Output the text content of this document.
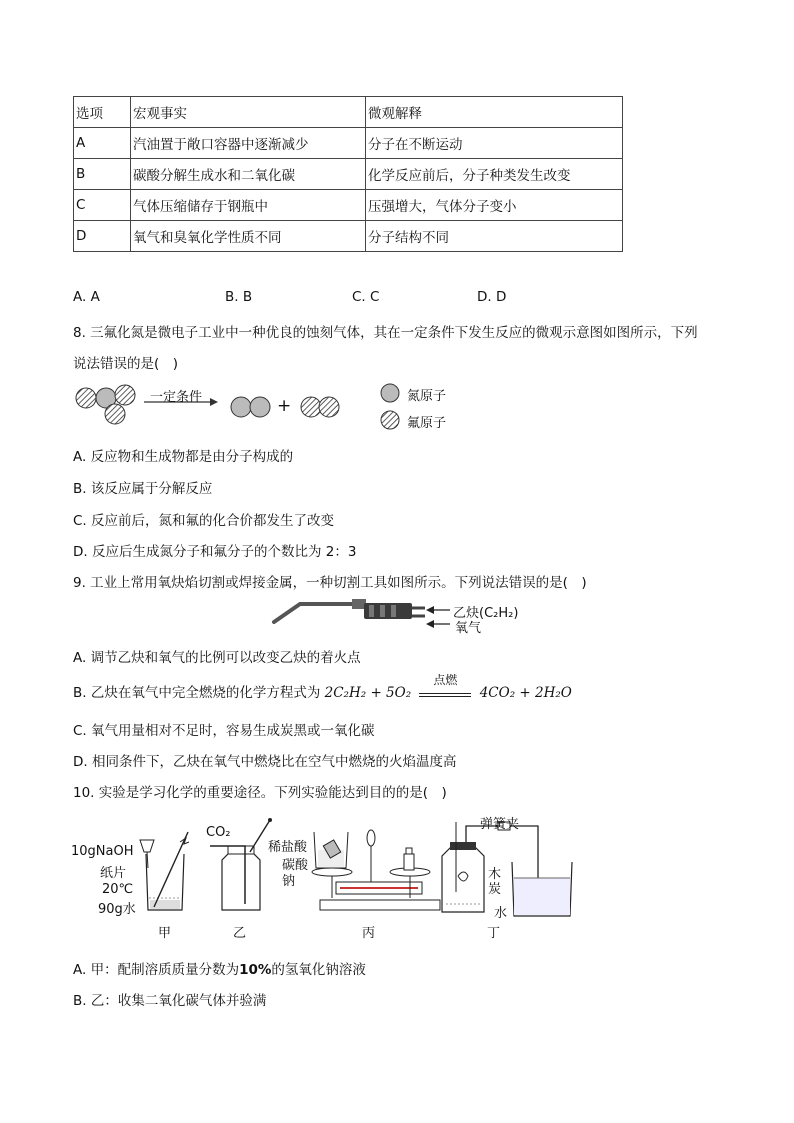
选项	宏观事实	微观解释
A	汽油置于敞口容器中逐渐减少	分子在不断运动
B	碳酸分解生成水和二氧化碳	化学反应前后，分子种类发生改变
C	气体压缩储存于钢瓶中	压强增大，气体分子变小
D	氧气和臭氧化学性质不同	分子结构不同
A. A	B. B	C. C	D. D
8. 三氟化氮是微电子工业中一种优良的蚀刻气体，其在一定条件下发生反应的微观示意图如图所示，下列
说法错误的是(　)
一定条件	+	氮原子
氟原子
A. 反应物和生成物都是由分子构成的
B. 该反应属于分解反应
C. 反应前后，氮和氟的化合价都发生了改变
D. 反应后生成氮分子和氟分子的个数比为 2：3
9. 工业上常用氧炔焰切割或焊接金属，一种切割工具如图所示。下列说法错误的是(　)
乙炔(C₂H₂)
氧气
A. 调节乙炔和氧气的比例可以改变乙炔的着火点
B. 乙炔在氧气中完全燃烧的化学方程式为 2C₂H₂ + 5O₂
点燃
4CO₂ + 2H₂O
C. 氧气用量相对不足时，容易生成炭黑或一氧化碳
D. 相同条件下，乙炔在氧气中燃烧比在空气中燃烧的火焰温度高
10. 实验是学习化学的重要途径。下列实验能达到目的的是(　)
10gNaOH
纸片
20℃
90g水
甲
CO₂
乙
稀盐酸
碳酸
钠
丙
弹簧夹
木
炭
水
丁
A. 甲：配制溶质质量分数为10%的氢氧化钠溶液
B. 乙：收集二氧化碳气体并验满
